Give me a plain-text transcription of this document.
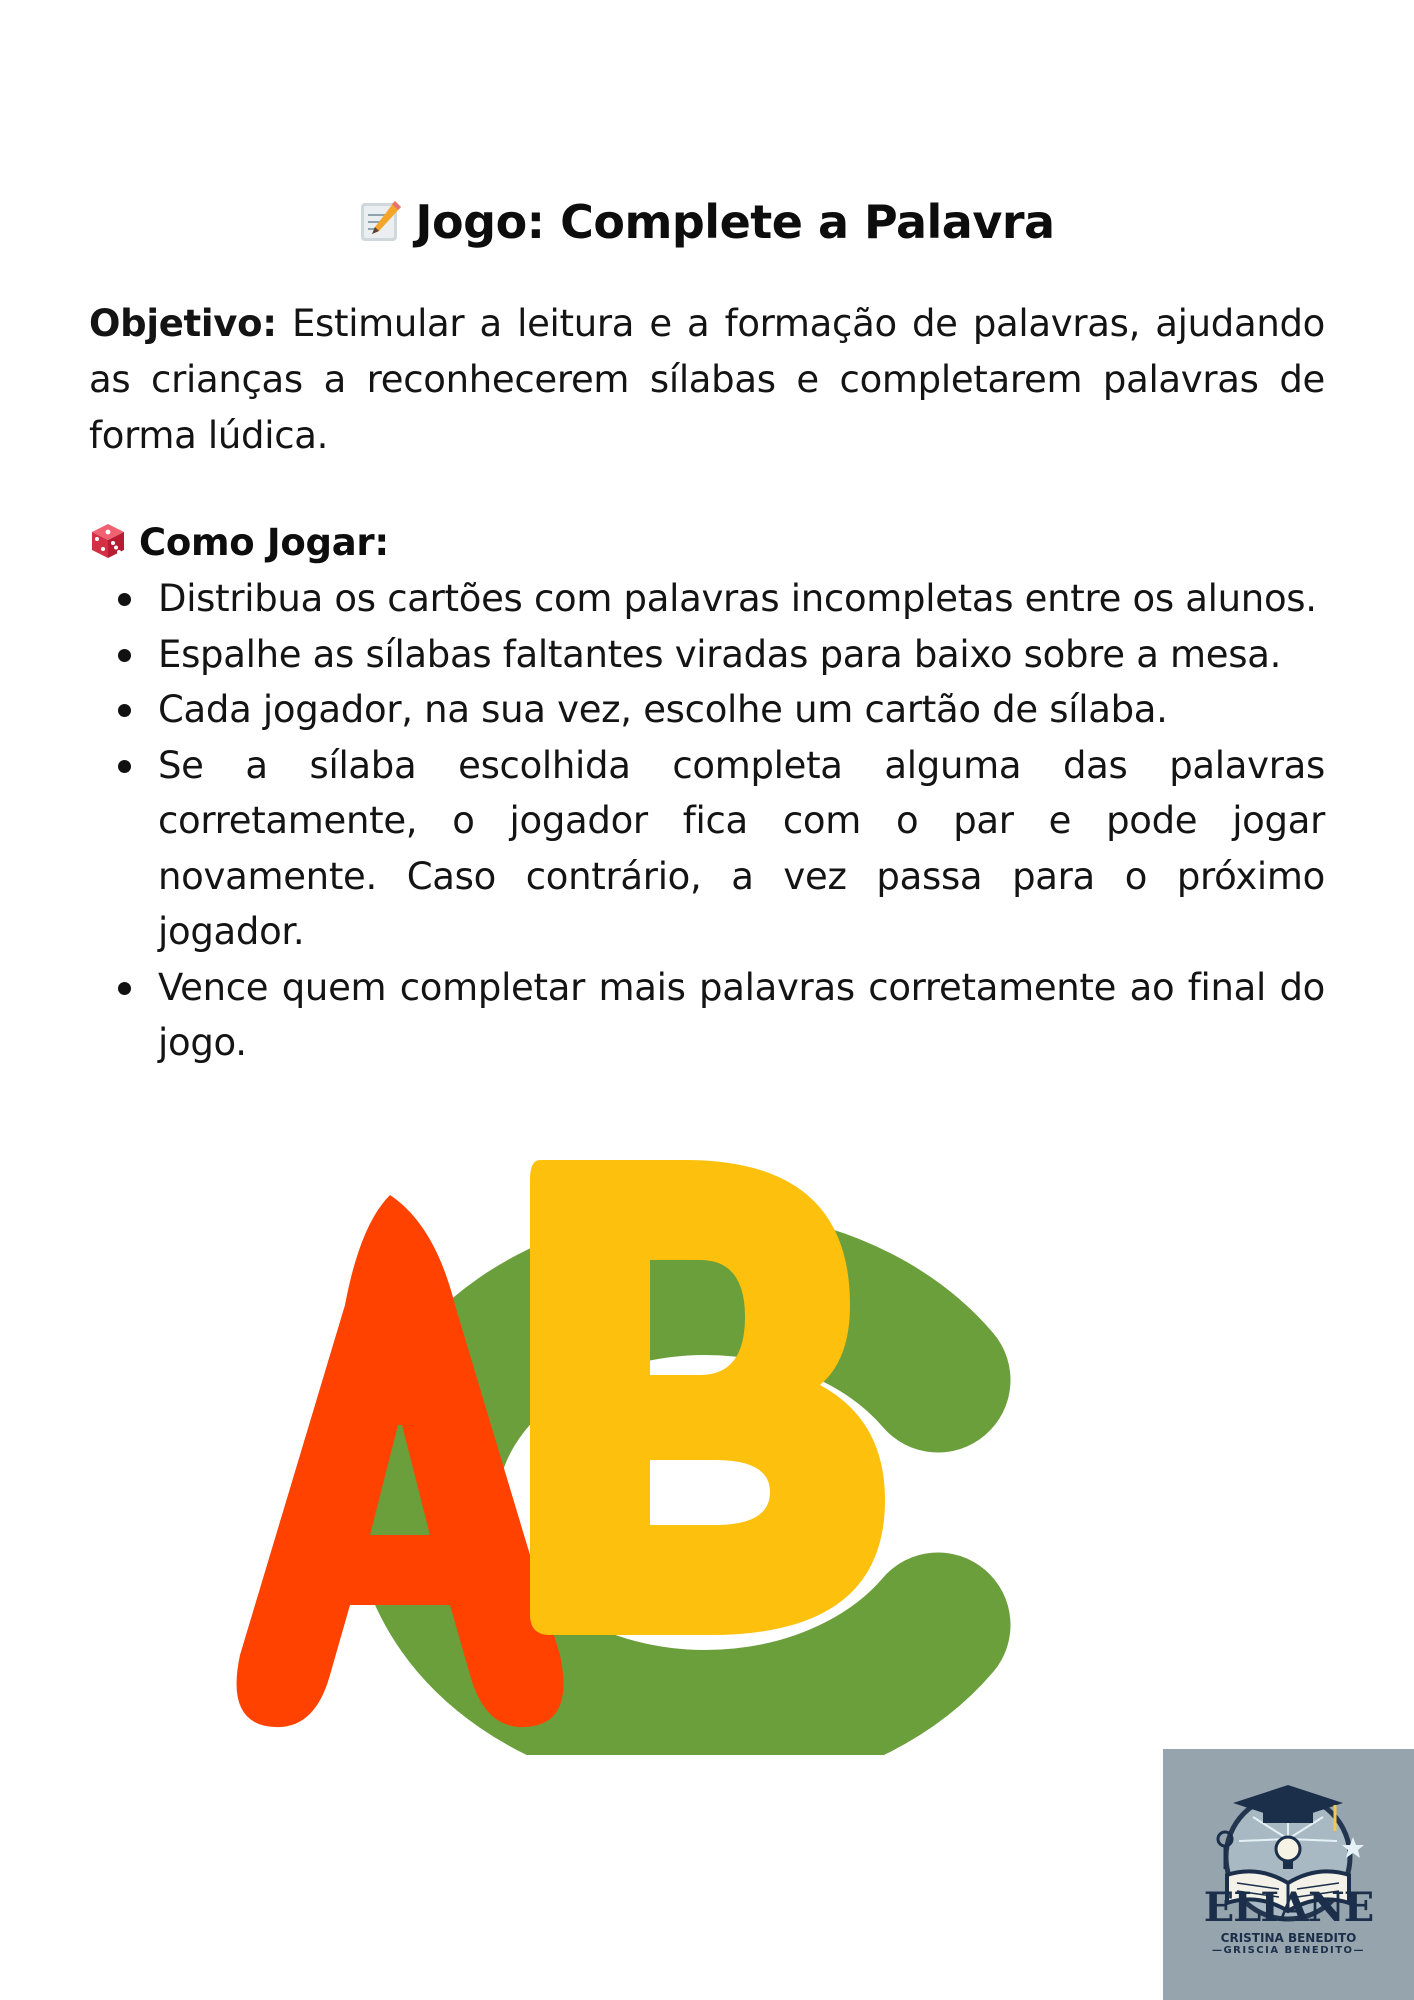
Jogo: Complete a Palavra

Objetivo: Estimular a leitura e a formação de palavras, ajudando as crianças a reconhecerem sílabas e completarem palavras de forma lúdica.

Como Jogar:
Distribua os cartões com palavras incompletas entre os alunos.
Espalhe as sílabas faltantes viradas para baixo sobre a mesa.
Cada jogador, na sua vez, escolhe um cartão de sílaba.
Se a sílaba escolhida completa alguma das palavras corretamente, o jogador fica com o par e pode jogar novamente. Caso contrário, a vez passa para o próximo jogador.
Vence quem completar mais palavras corretamente ao final do jogo.
ELIANE
CRISTINA BENEDITO
—GRISCIA BENEDITO—
